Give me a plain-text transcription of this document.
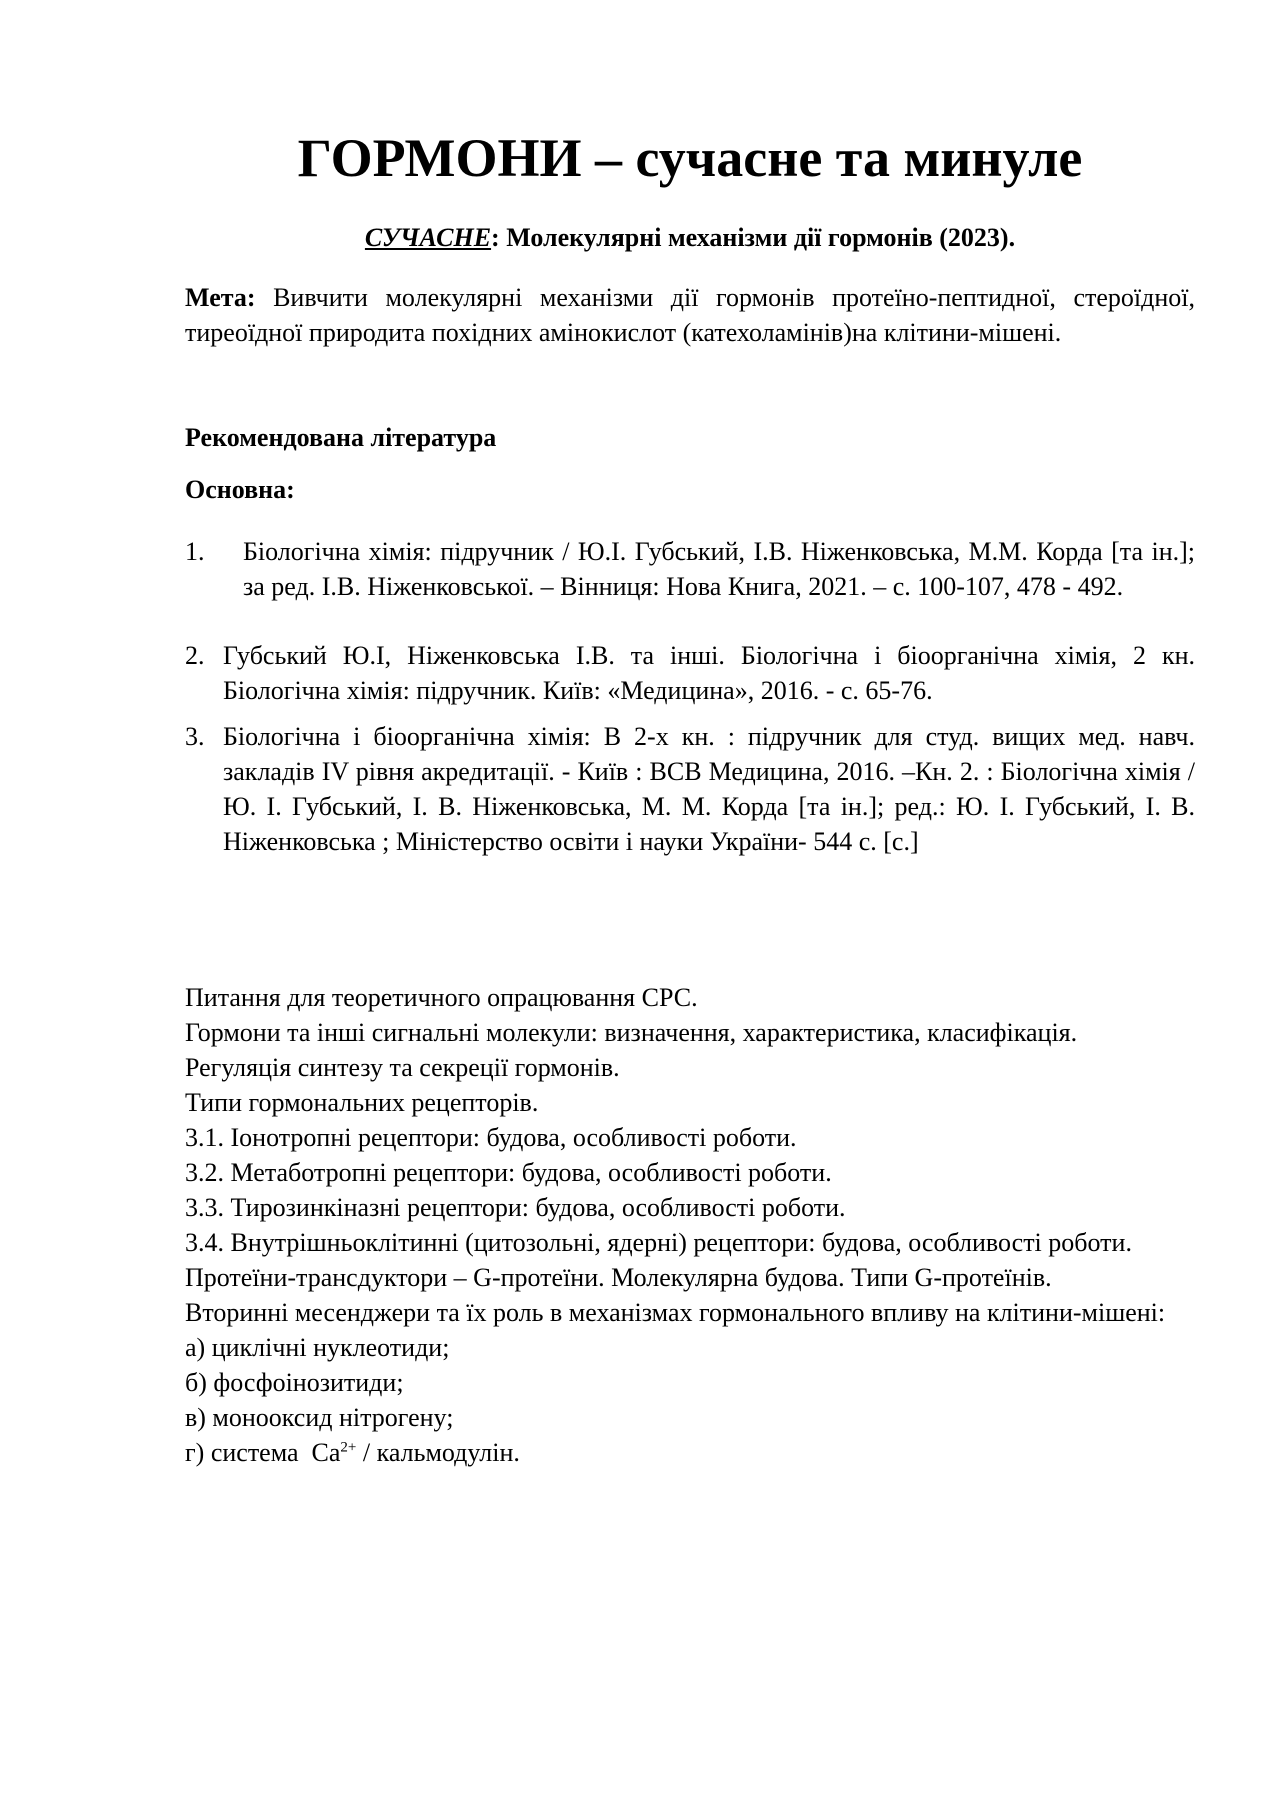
ГОРМОНИ – сучасне та минуле
СУЧАСНЕ: Молекулярні механізми дії гормонів (2023).
Мета: Вивчити молекулярні механізми дії гормонів протеїно-пептидної, стероїдної, тиреоїдної природита похідних амінокислот (катехоламінів)на клітини-мішені.
Рекомендована література
Основна:
1.	Біологічна хімія: підручник / Ю.І. Губський, І.В. Ніженковська, М.М. Корда [та ін.]; за ред. І.В. Ніженковської. – Вінниця: Нова Книга, 2021. – с. 100-107, 478 - 492.
2. Губський Ю.І, Ніженковська І.В. та інші. Біологічна і біоорганічна хімія, 2 кн. Біологічна хімія: підручник. Київ: «Медицина», 2016. - с. 65-76.
3. Біологічна і біоорганічна хімія: В 2-х кн. : підручник для студ. вищих мед. навч. закладів IV рівня акредитації. - Київ : ВСВ Медицина, 2016. –Кн. 2. : Біологічна хімія / Ю. І. Губський, І. В. Ніженковська, М. М. Корда [та ін.]; ред.: Ю. І. Губський, І. В. Ніженковська ; Міністерство освіти і науки України- 544 с. [с.]
Питання для теоретичного опрацювання СРС.
Гормони та інші сигнальні молекули: визначення, характеристика, класифікація.
Регуляція синтезу та секреції гормонів.
Типи гормональних рецепторів.
3.1. Іонотропні рецептори: будова, особливості роботи.
3.2. Метаботропні рецептори: будова, особливості роботи.
3.3. Тирозинкіназні рецептори: будова, особливості роботи.
3.4. Внутрішньоклітинні (цитозольні, ядерні) рецептори: будова, особливості роботи.
Протеїни-трансдуктори – G-протеїни. Молекулярна будова. Типи G-протеїнів.
Вторинні месенджери та їх роль в механізмах гормонального впливу на клітини-мішені:
а) циклічні нуклеотиди;
б) фосфоінозитиди;
в) монооксид нітрогену;
г) система  $Ca^{2+}$ / кальмодулін.
